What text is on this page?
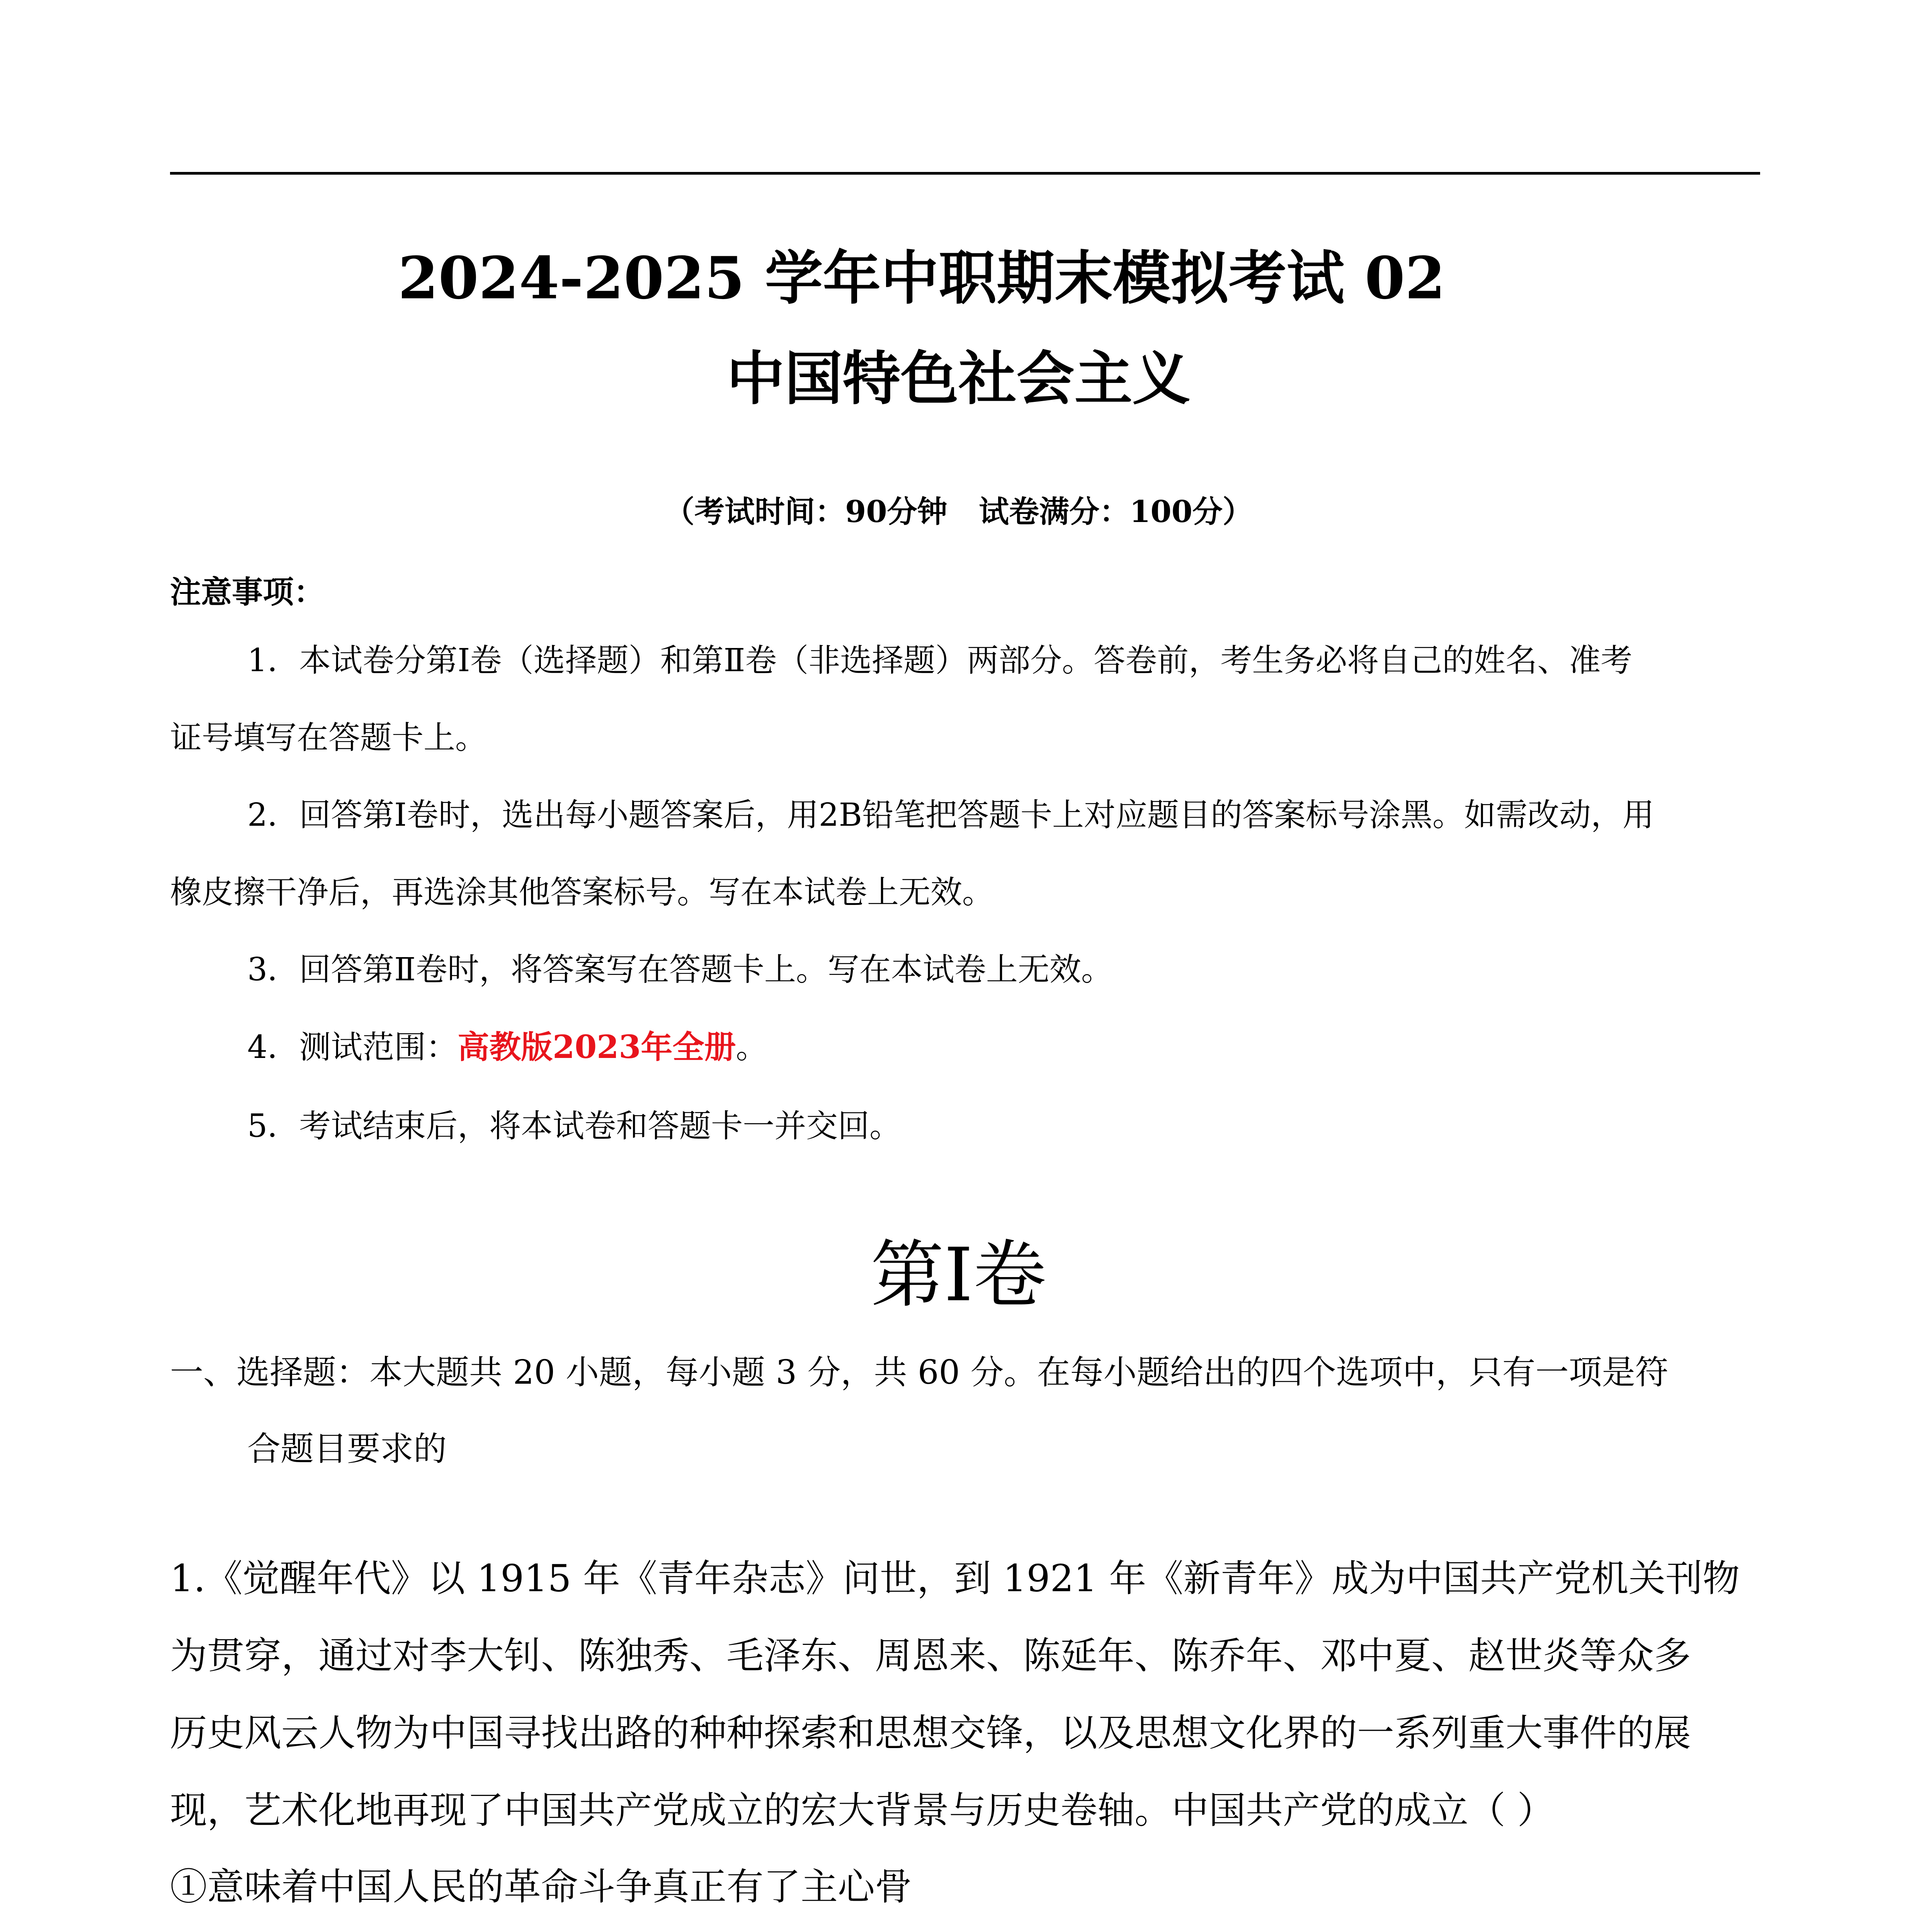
2024-2025 学年中职期末模拟考试 02
中国特色社会主义
（考试时间：90分钟   试卷满分：100分）
注意事项：
1．本试卷分第Ⅰ卷（选择题）和第Ⅱ卷（非选择题）两部分。答卷前，考生务必将自己的姓名、准考
证号填写在答题卡上。
2．回答第Ⅰ卷时，选出每小题答案后，用2B铅笔把答题卡上对应题目的答案标号涂黑。如需改动，用
橡皮擦干净后，再选涂其他答案标号。写在本试卷上无效。
3．回答第Ⅱ卷时，将答案写在答题卡上。写在本试卷上无效。
4．测试范围：高教版2023年全册。
5．考试结束后，将本试卷和答题卡一并交回。
第Ⅰ卷
一、选择题：本大题共 20 小题，每小题 3 分，共 60 分。在每小题给出的四个选项中，只有一项是符
合题目要求的
1.《觉醒年代》以 1915 年《青年杂志》问世，到 1921 年《新青年》成为中国共产党机关刊物
为贯穿，通过对李大钊、陈独秀、毛泽东、周恩来、陈延年、陈乔年、邓中夏、赵世炎等众多
历史风云人物为中国寻找出路的种种探索和思想交锋，以及思想文化界的一系列重大事件的展
现，艺术化地再现了中国共产党成立的宏大背景与历史卷轴。中国共产党的成立（ ）
①意味着中国人民的革命斗争真正有了主心骨
